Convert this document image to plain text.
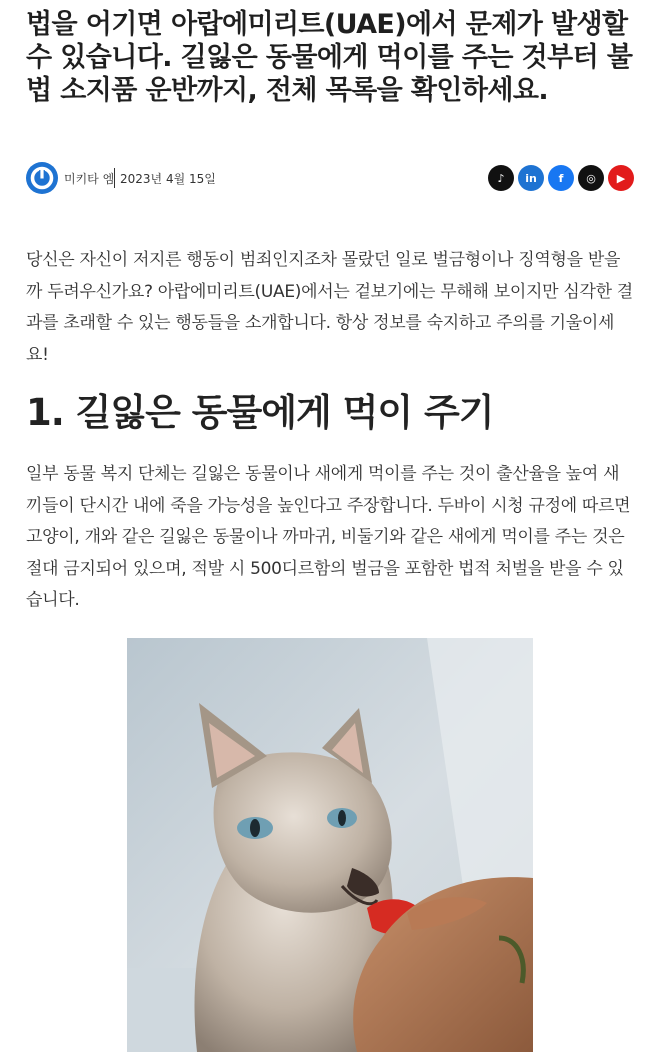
법을 어기면 아랍에미리트(UAE)에서 문제가 발생할 수 있습니다. 길잃은 동물에게 먹이를 주는 것부터 불법 소지품 운반까지, 전체 목록을 확인하세요.
미키타 엠 2023년 4월 15일	♪	in	f	◎	▶

당신은 자신이 저지른 행동이 범죄인지조차 몰랐던 일로 벌금형이나 징역형을 받을까 두려우신가요? 아랍에미리트(UAE)에서는 겉보기에는 무해해 보이지만 심각한 결과를 초래할 수 있는 행동들을 소개합니다. 항상 정보를 숙지하고 주의를 기울이세요!

1. 길잃은 동물에게 먹이 주기

일부 동물 복지 단체는 길잃은 동물이나 새에게 먹이를 주는 것이 출산율을 높여 새끼들이 단시간 내에 죽을 가능성을 높인다고 주장합니다. 두바이 시청 규정에 따르면 고양이, 개와 같은 길잃은 동물이나 까마귀, 비둘기와 같은 새에게 먹이를 주는 것은 절대 금지되어 있으며, 적발 시 500디르함의 벌금을 포함한 법적 처벌을 받을 수 있습니다.
